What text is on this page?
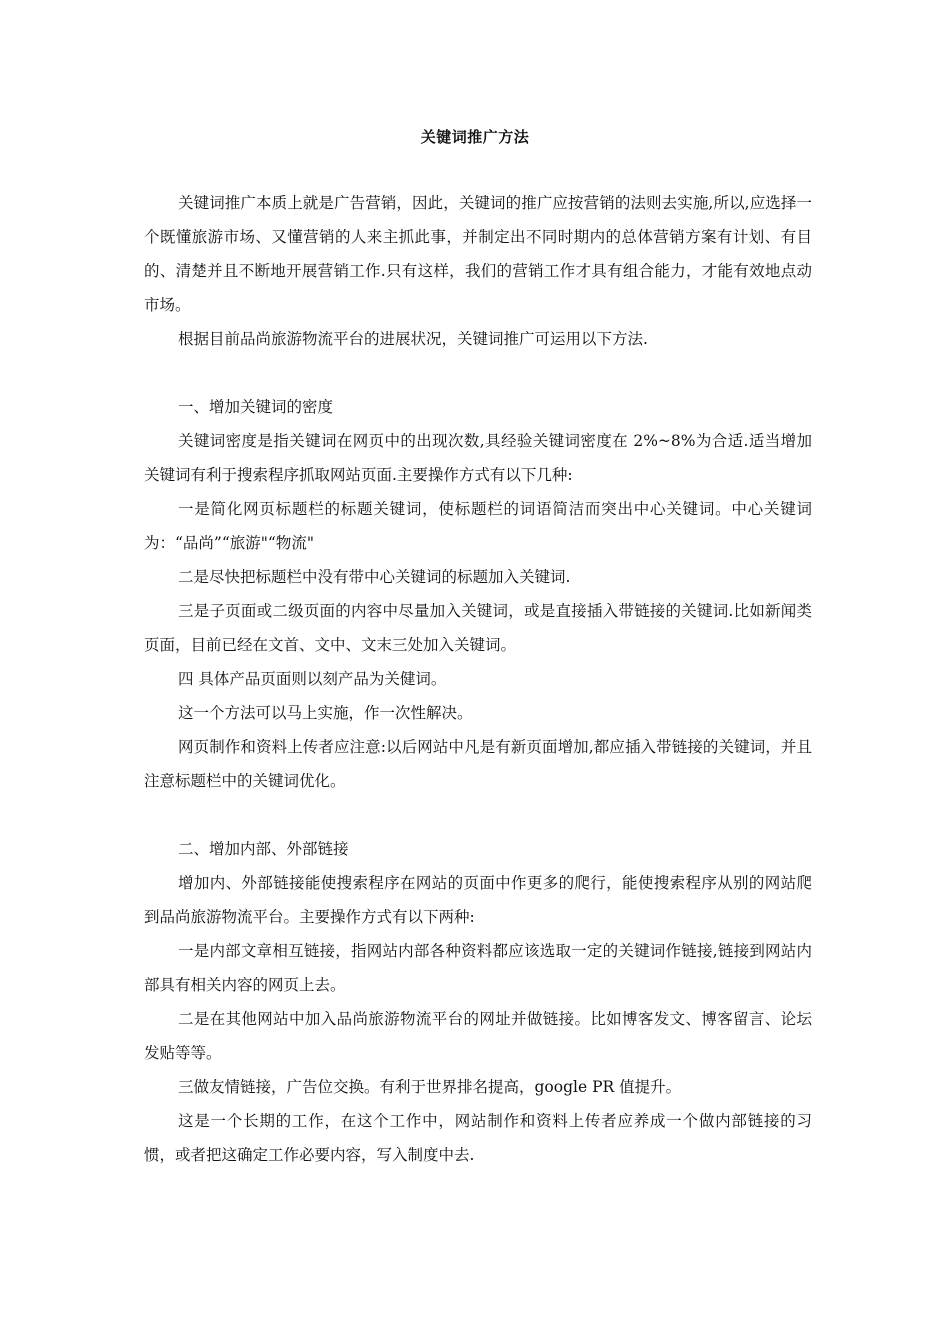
关键词推广方法

关键词推广本质上就是广告营销，因此，关键词的推广应按营销的法则去实施,所以,应选择一个既懂旅游市场、又懂营销的人来主抓此事，并制定出不同时期内的总体营销方案有计划、有目的、清楚并且不断地开展营销工作.只有这样，我们的营销工作才具有组合能力，才能有效地点动市场。

根据目前品尚旅游物流平台的进展状况，关键词推广可运用以下方法.

一、增加关键词的密度

关键词密度是指关键词在网页中的出现次数,具经验关键词密度在 2%~8%为合适.适当增加关键词有利于搜索程序抓取网站页面.主要操作方式有以下几种:

一是简化网页标题栏的标题关键词，使标题栏的词语简洁而突出中心关键词。中心关键词为：“品尚”“旅游"“物流"

二是尽快把标题栏中没有带中心关键词的标题加入关键词.

三是子页面或二级页面的内容中尽量加入关键词，或是直接插入带链接的关键词.比如新闻类页面，目前已经在文首、文中、文末三处加入关键词。

四 具体产品页面则以刻产品为关健词。

这一个方法可以马上实施，作一次性解决。

网页制作和资料上传者应注意:以后网站中凡是有新页面增加,都应插入带链接的关键词，并且注意标题栏中的关键词优化。

二、增加内部、外部链接

增加内、外部链接能使搜索程序在网站的页面中作更多的爬行，能使搜索程序从别的网站爬到品尚旅游物流平台。主要操作方式有以下两种:

一是内部文章相互链接，指网站内部各种资料都应该选取一定的关键词作链接,链接到网站内部具有相关内容的网页上去。

二是在其他网站中加入品尚旅游物流平台的网址并做链接。比如博客发文、博客留言、论坛发贴等等。

三做友情链接，广告位交换。有利于世界排名提高，google PR 值提升。

这是一个长期的工作，在这个工作中，网站制作和资料上传者应养成一个做内部链接的习惯，或者把这确定工作必要内容，写入制度中去.
